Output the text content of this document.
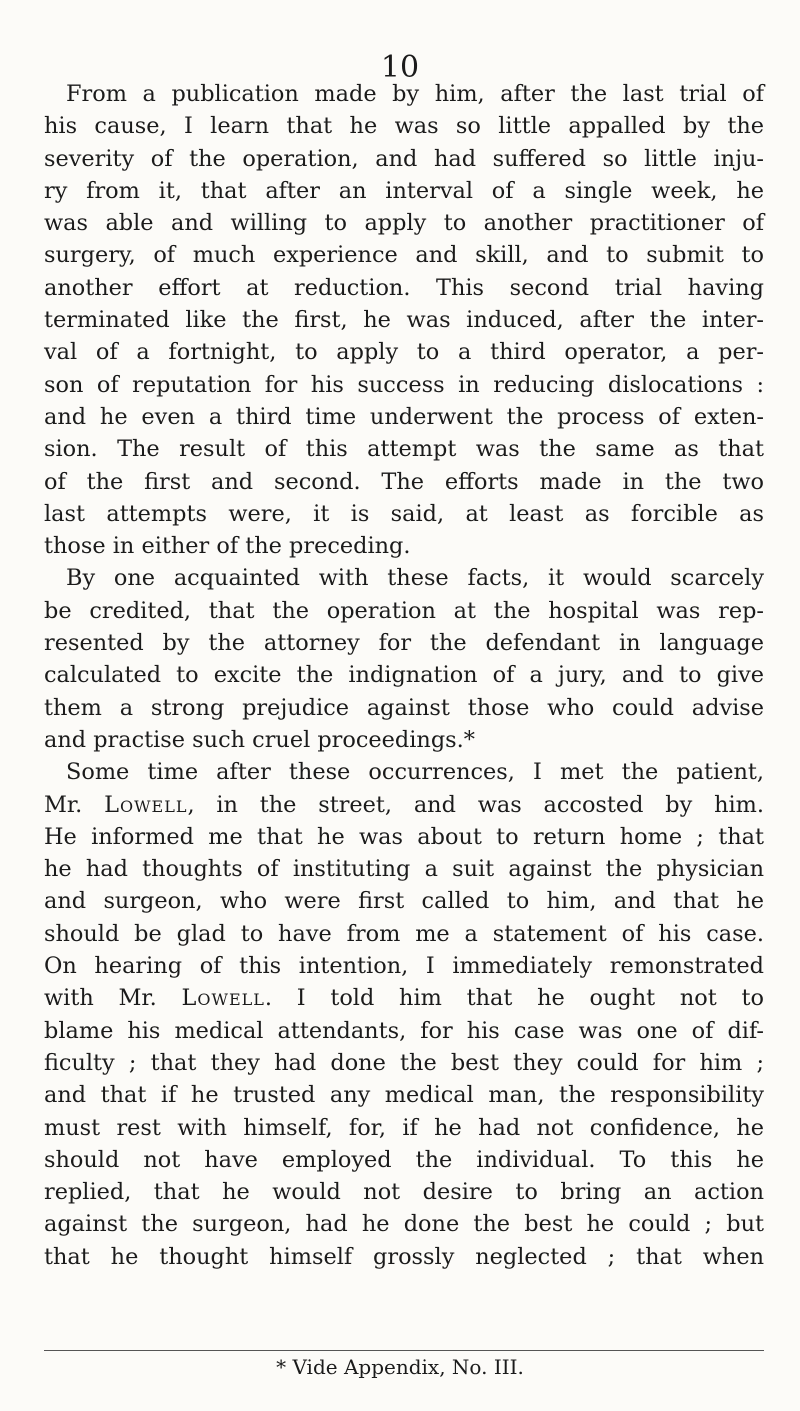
10
From a publication made by him, after the last trial of
his cause, I learn that he was so little appalled by the
severity of the operation, and had suffered so little inju-
ry from it, that after an interval of a single week, he
was able and willing to apply to another practitioner of
surgery, of much experience and skill, and to submit to
another effort at reduction. This second trial having
terminated like the first, he was induced, after the inter-
val of a fortnight, to apply to a third operator, a per-
son of reputation for his success in reducing dislocations :
and he even a third time underwent the process of exten-
sion. The result of this attempt was the same as that
of the first and second. The efforts made in the two
last attempts were, it is said, at least as forcible as
those in either of the preceding.
By one acquainted with these facts, it would scarcely
be credited, that the operation at the hospital was rep-
resented by the attorney for the defendant in language
calculated to excite the indignation of a jury, and to give
them a strong prejudice against those who could advise
and practise such cruel proceedings.*
Some time after these occurrences, I met the patient,
Mr. Lowell, in the street, and was accosted by him.
He informed me that he was about to return home ; that
he had thoughts of instituting a suit against the physician
and surgeon, who were first called to him, and that he
should be glad to have from me a statement of his case.
On hearing of this intention, I immediately remonstrated
with Mr. Lowell. I told him that he ought not to
blame his medical attendants, for his case was one of dif-
ficulty ; that they had done the best they could for him ;
and that if he trusted any medical man, the responsibility
must rest with himself, for, if he had not confidence, he
should not have employed the individual. To this he
replied, that he would not desire to bring an action
against the surgeon, had he done the best he could ; but
that he thought himself grossly neglected ; that when
* Vide Appendix, No. III.
